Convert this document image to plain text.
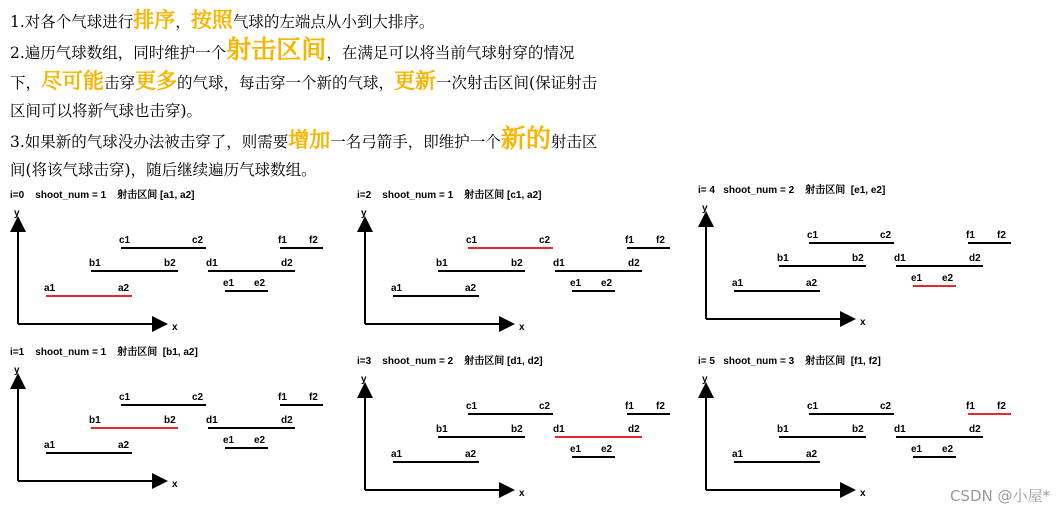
1.对各个气球进行排序，按照气球的左端点从小到大排序。

2.遍历气球数组，同时维护一个射击区间，在满足可以将当前气球射穿的情况下，尽可能击穿更多的气球，每击穿一个新的气球，更新一次射击区间(保证射击区间可以将新气球也击穿)。

3.如果新的气球没办法被击穿了，则需要增加一名弓箭手，即维护一个新的射击区间(将该气球击穿)，随后继续遍历气球数组。

i=0    shoot_num = 1    射击区间 [a1, a2]
y
x
a1	a2
b1	b2
c1	c2
d1	d2
e1 e2
f1 f2
i=2    shoot_num = 1    射击区间 [c1, a2]
y
x
a1	a2
b1	b2
c1	c2
d1	d2
e1 e2
f1 f2
i= 4   shoot_num = 2    射击区间  [e1, e2]
y
x
a1	a2
b1	b2
c1	c2
d1	d2
e1 e2
f1 f2
i=1    shoot_num = 1    射击区间  [b1, a2]
y
x
a1	a2
b1	b2
c1	c2
d1	d2
e1 e2
f1 f2
i=3    shoot_num = 2    射击区间 [d1, d2]
y
x
a1	a2
b1	b2
c1	c2
d1	d2
e1 e2
f1 f2
i= 5   shoot_num = 3    射击区间  [f1, f2]
y
x
a1	a2
b1	b2
c1	c2
d1	d2
e1 e2
f1 f2
CSDN @小屋*
